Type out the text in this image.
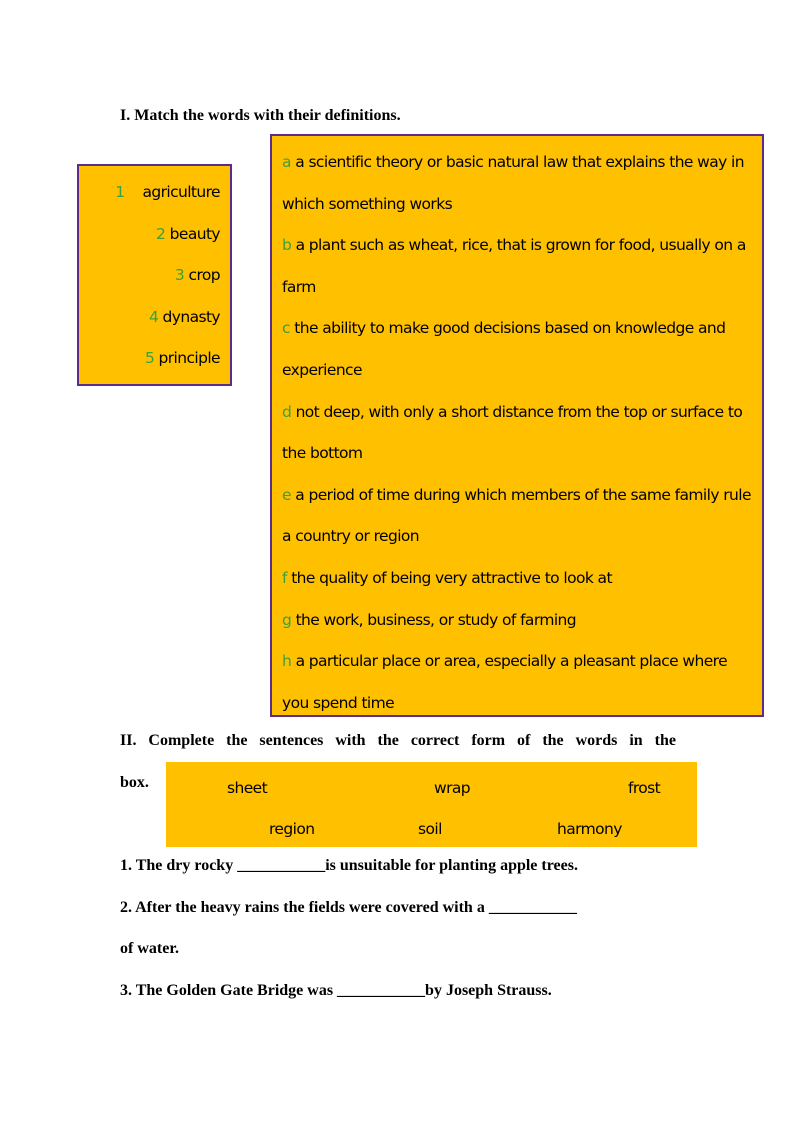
I. Match the words with their definitions.
1 agriculture
2 beauty
3 crop
4 dynasty
5 principle
a a scientific theory or basic natural law that explains the way in
which something works
b a plant such as wheat, rice, that is grown for food, usually on a
farm
c the ability to make good decisions based on knowledge and
experience
d not deep, with only a short distance from the top or surface to
the bottom
e a period of time during which members of the same family rule
a country or region
f the quality of being very attractive to look at
g the work, business, or study of farming
h a particular place or area, especially a pleasant place where
you spend time
II. Complete the sentences with the correct form of the words in the
box.	sheet	wrap	frost
region	soil	harmony
1. The dry rocky ___________is unsuitable for planting apple trees.
2. After the heavy rains the fields were covered with a ___________
of water.
3. The Golden Gate Bridge was ___________by Joseph Strauss.
